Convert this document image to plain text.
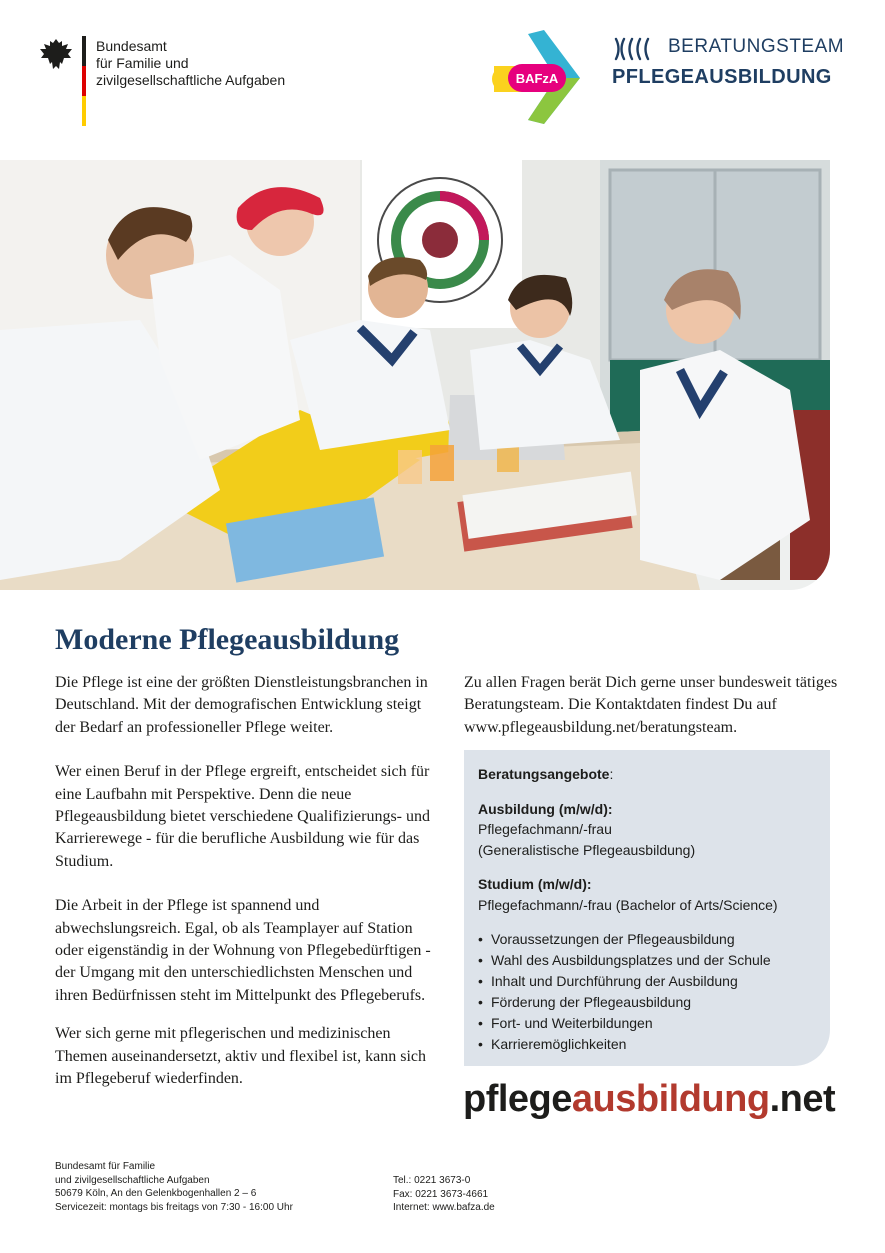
Bundesamt
für Familie und
zivilgesellschaftliche Aufgaben	BAFzA
BERATUNGSTEAM
PFLEGEAUSBILDUNG
Moderne Pflegeausbildung

Die Pflege ist eine der größten Dienstleistungsbranchen in Deutschland. Mit der demografischen Entwicklung steigt der Bedarf an professioneller Pflege weiter.

Wer einen Beruf in der Pflege ergreift, entscheidet sich für eine Laufbahn mit Perspektive. Denn die neue Pflegeausbildung bietet verschiedene Qualifizierungs- und Karrierewege - für die berufliche Ausbildung wie für das Studium.

Die Arbeit in der Pflege ist spannend und abwechslungsreich. Egal, ob als Teamplayer auf Station oder eigenständig in der Wohnung von Pflegebedürftigen - der Umgang mit den unterschiedlichsten Menschen und ihren Bedürfnissen steht im Mittelpunkt des Pflegeberufs.

Wer sich gerne mit pflegerischen und medizinischen Themen auseinandersetzt, aktiv und flexibel ist, kann sich im Pflegeberuf wiederfinden.

Zu allen Fragen berät Dich gerne unser bundesweit tätiges Beratungsteam. Die Kontaktdaten findest Du auf www.pflegeausbildung.net/beratungsteam.
Beratungsangebote:
Ausbildung (m/w/d):
Pflegefachmann/-frau
(Generalistische Pflegeausbildung)
Studium (m/w/d):
Pflegefachmann/-frau (Bachelor of Arts/Science)
• Voraussetzungen der Pflegeausbildung
• Wahl des Ausbildungsplatzes und der Schule
• Inhalt und Durchführung der Ausbildung
• Förderung der Pflegeausbildung
• Fort- und Weiterbildungen
• Karrieremöglichkeiten
pflegeausbildung.net
Bundesamt für Familie
und zivilgesellschaftliche Aufgaben
50679 Köln, An den Gelenkbogenhallen 2 – 6
Servicezeit: montags bis freitags von 7:30 - 16:00 Uhr
Tel.: 0221 3673-0
Fax: 0221 3673-4661
Internet: www.bafza.de
